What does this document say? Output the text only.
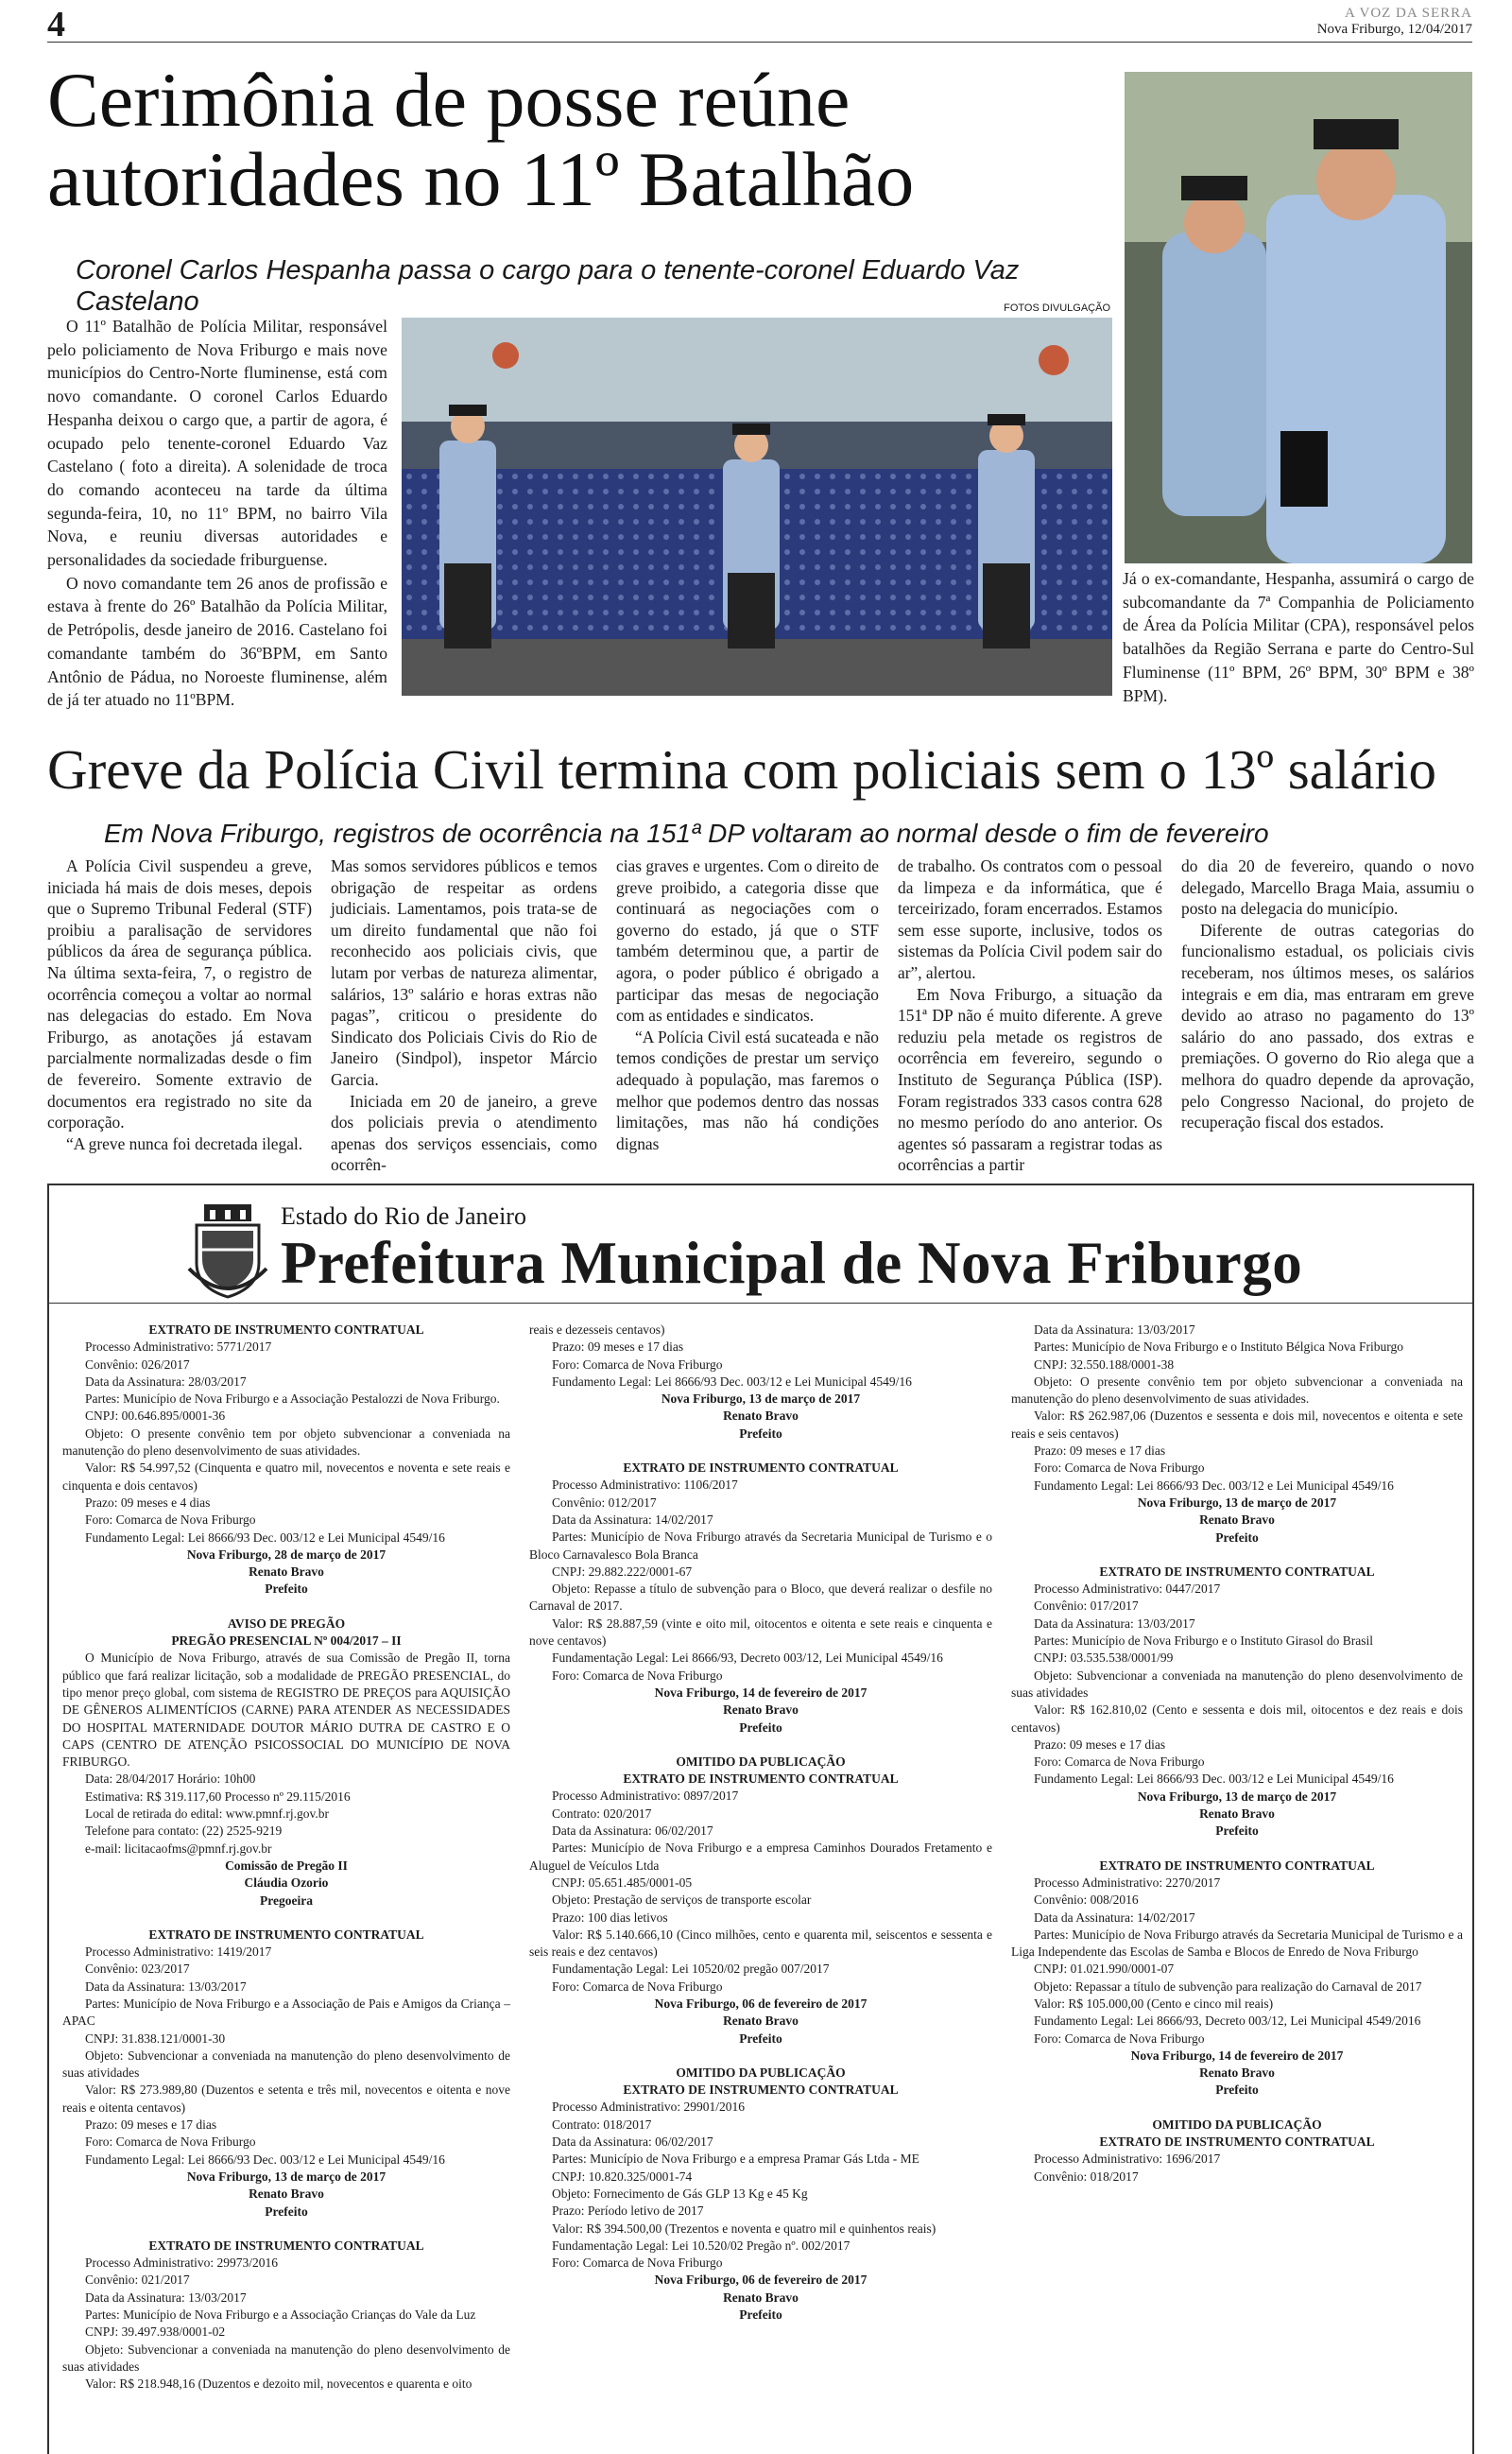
4	A VOZ DA SERRA
Nova Friburgo, 12/04/2017
Cerimônia de posse reúne autoridades no 11º Batalhão
Coronel Carlos Hespanha passa o cargo para o tenente-coronel Eduardo Vaz Castelano

O 11º Batalhão de Polícia Militar, responsável pelo policiamento de Nova Friburgo e mais nove municípios do Centro-Norte fluminense, está com novo comandante. O coronel Carlos Eduardo Hespanha deixou o cargo que, a partir de agora, é ocupado pelo tenente-coronel Eduardo Vaz Castelano ( foto a direita). A solenidade de troca do comando aconteceu na tarde da última segunda-feira, 10, no 11º BPM, no bairro Vila Nova, e reuniu diversas autoridades e personalidades da sociedade friburguense.

O novo comandante tem 26 anos de profissão e estava à frente do 26º Batalhão da Polícia Militar, de Petrópolis, desde janeiro de 2016. Castelano foi comandante também do 36ºBPM, em Santo Antônio de Pádua, no Noroeste fluminense, além de já ter atuado no 11ºBPM.

FOTOS DIVULGAÇÃO
Já o ex-comandante, Hespanha, assumirá o cargo de subcomandante da 7ª Companhia de Policiamento de Área da Polícia Militar (CPA), responsável pelos batalhões da Região Serrana e parte do Centro-Sul Fluminense (11º BPM, 26º BPM, 30º BPM e 38º BPM).
Greve da Polícia Civil termina com policiais sem o 13º salário
Em Nova Friburgo, registros de ocorrência na 151ª DP voltaram ao normal desde o fim de fevereiro

A Polícia Civil suspendeu a greve, iniciada há mais de dois meses, depois que o Supremo Tribunal Federal (STF) proibiu a paralisação de servidores públicos da área de segurança pública. Na última sexta-feira, 7, o registro de ocorrência começou a voltar ao normal nas delegacias do estado. Em Nova Friburgo, as anotações já estavam parcialmente normalizadas desde o fim de fevereiro. Somente extravio de documentos era registrado no site da corporação.

“A greve nunca foi decretada ilegal.

Mas somos servidores públicos e temos obrigação de respeitar as ordens judiciais. Lamentamos, pois trata-se de um direito fundamental que não foi reconhecido aos policiais civis, que lutam por verbas de natureza alimentar, salários, 13º salário e horas extras não pagas”, criticou o presidente do Sindicato dos Policiais Civis do Rio de Janeiro (Sindpol), inspetor Márcio Garcia.

Iniciada em 20 de janeiro, a greve dos policiais previa o atendimento apenas dos serviços essenciais, como ocorrên-

cias graves e urgentes. Com o direito de greve proibido, a categoria disse que continuará as negociações com o governo do estado, já que o STF também determinou que, a partir de agora, o poder público é obrigado a participar das mesas de negociação com as entidades e sindicatos.

“A Polícia Civil está sucateada e não temos condições de prestar um serviço adequado à população, mas faremos o melhor que podemos dentro das nossas limitações, mas não há condições dignas

de trabalho. Os contratos com o pessoal da limpeza e da informática, que é terceirizado, foram encerrados. Estamos sem esse suporte, inclusive, todos os sistemas da Polícia Civil podem sair do ar”, alertou.

Em Nova Friburgo, a situação da 151ª DP não é muito diferente. A greve reduziu pela metade os registros de ocorrência em fevereiro, segundo o Instituto de Segurança Pública (ISP). Foram registrados 333 casos contra 628 no mesmo período do ano anterior. Os agentes só passaram a registrar todas as ocorrências a partir

do dia 20 de fevereiro, quando o novo delegado, Marcello Braga Maia, assumiu o posto na delegacia do município.

Diferente de outras categorias do funcionalismo estadual, os policiais civis receberam, nos últimos meses, os salários integrais e em dia, mas entraram em greve devido ao atraso no pagamento do 13º salário do ano passado, dos extras e premiações. O governo do Rio alega que a melhora do quadro depende da aprovação, pelo Congresso Nacional, do projeto de recuperação fiscal dos estados.

Estado do Rio de Janeiro
Prefeitura Municipal de Nova Friburgo
EXTRATO DE INSTRUMENTO CONTRATUAL
Processo Administrativo: 5771/2017
Convênio: 026/2017
Data da Assinatura: 28/03/2017
Partes: Município de Nova Friburgo e a Associação Pestalozzi de Nova Friburgo.
CNPJ: 00.646.895/0001-36
Objeto: O presente convênio tem por objeto subvencionar a conveniada na manutenção do pleno desenvolvimento de suas atividades.
Valor: R$ 54.997,52 (Cinquenta e quatro mil, novecentos e noventa e sete reais e cinquenta e dois centavos)
Prazo: 09 meses e 4 dias
Foro: Comarca de Nova Friburgo
Fundamento Legal: Lei 8666/93 Dec. 003/12 e Lei Municipal 4549/16
Nova Friburgo, 28 de março de 2017
Renato Bravo
Prefeito
AVISO DE PREGÃO
PREGÃO PRESENCIAL Nº 004/2017 – II
O Município de Nova Friburgo, através de sua Comissão de Pregão II, torna público que fará realizar licitação, sob a modalidade de PREGÃO PRESENCIAL, do tipo menor preço global, com sistema de REGISTRO DE PREÇOS para AQUISIÇÃO DE GÊNEROS ALIMENTÍCIOS (CARNE) PARA ATENDER AS NECESSIDADES DO HOSPITAL MATERNIDADE DOUTOR MÁRIO DUTRA DE CASTRO E O CAPS (CENTRO DE ATENÇÃO PSICOSSOCIAL DO MUNICÍPIO DE NOVA FRIBURGO.
Data: 28/04/2017 Horário: 10h00
Estimativa: R$ 319.117,60 Processo nº 29.115/2016
Local de retirada do edital: www.pmnf.rj.gov.br
Telefone para contato: (22) 2525-9219
e-mail: licitacaofms@pmnf.rj.gov.br
Comissão de Pregão II
Cláudia Ozorio
Pregoeira
EXTRATO DE INSTRUMENTO CONTRATUAL
Processo Administrativo: 1419/2017
Convênio: 023/2017
Data da Assinatura: 13/03/2017
Partes: Município de Nova Friburgo e a Associação de Pais e Amigos da Criança – APAC
CNPJ: 31.838.121/0001-30
Objeto: Subvencionar a conveniada na manutenção do pleno desenvolvimento de suas atividades
Valor: R$ 273.989,80 (Duzentos e setenta e três mil, novecentos e oitenta e nove reais e oitenta centavos)
Prazo: 09 meses e 17 dias
Foro: Comarca de Nova Friburgo
Fundamento Legal: Lei 8666/93 Dec. 003/12 e Lei Municipal 4549/16
Nova Friburgo, 13 de março de 2017
Renato Bravo
Prefeito
EXTRATO DE INSTRUMENTO CONTRATUAL
Processo Administrativo: 29973/2016
Convênio: 021/2017
Data da Assinatura: 13/03/2017
Partes: Município de Nova Friburgo e a Associação Crianças do Vale da Luz
CNPJ: 39.497.938/0001-02
Objeto: Subvencionar a conveniada na manutenção do pleno desenvolvimento de suas atividades
Valor: R$ 218.948,16 (Duzentos e dezoito mil, novecentos e quarenta e oito
reais e dezesseis centavos)
Prazo: 09 meses e 17 dias
Foro: Comarca de Nova Friburgo
Fundamento Legal: Lei 8666/93 Dec. 003/12 e Lei Municipal 4549/16
Nova Friburgo, 13 de março de 2017
Renato Bravo
Prefeito
EXTRATO DE INSTRUMENTO CONTRATUAL
Processo Administrativo: 1106/2017
Convênio: 012/2017
Data da Assinatura: 14/02/2017
Partes: Município de Nova Friburgo através da Secretaria Municipal de Turismo e o Bloco Carnavalesco Bola Branca
CNPJ: 29.882.222/0001-67
Objeto: Repasse a título de subvenção para o Bloco, que deverá realizar o desfile no Carnaval de 2017.
Valor: R$ 28.887,59 (vinte e oito mil, oitocentos e oitenta e sete reais e cinquenta e nove centavos)
Fundamentação Legal: Lei 8666/93, Decreto 003/12, Lei Municipal 4549/16
Foro: Comarca de Nova Friburgo
Nova Friburgo, 14 de fevereiro de 2017
Renato Bravo
Prefeito
OMITIDO DA PUBLICAÇÃO
EXTRATO DE INSTRUMENTO CONTRATUAL
Processo Administrativo: 0897/2017
Contrato: 020/2017
Data da Assinatura: 06/02/2017
Partes: Município de Nova Friburgo e a empresa Caminhos Dourados Fretamento e Aluguel de Veículos Ltda
CNPJ: 05.651.485/0001-05
Objeto: Prestação de serviços de transporte escolar
Prazo: 100 dias letivos
Valor: R$ 5.140.666,10 (Cinco milhões, cento e quarenta mil, seiscentos e sessenta e seis reais e dez centavos)
Fundamentação Legal: Lei 10520/02 pregão 007/2017
Foro: Comarca de Nova Friburgo
Nova Friburgo, 06 de fevereiro de 2017
Renato Bravo
Prefeito
OMITIDO DA PUBLICAÇÃO
EXTRATO DE INSTRUMENTO CONTRATUAL
Processo Administrativo: 29901/2016
Contrato: 018/2017
Data da Assinatura: 06/02/2017
Partes: Município de Nova Friburgo e a empresa Pramar Gás Ltda - ME
CNPJ: 10.820.325/0001-74
Objeto: Fornecimento de Gás GLP 13 Kg e 45 Kg
Prazo: Período letivo de 2017
Valor: R$ 394.500,00 (Trezentos e noventa e quatro mil e quinhentos reais)
Fundamentação Legal: Lei 10.520/02 Pregão nº. 002/2017
Foro: Comarca de Nova Friburgo
Nova Friburgo, 06 de fevereiro de 2017
Renato Bravo
Prefeito
Data da Assinatura: 13/03/2017
Partes: Município de Nova Friburgo e o Instituto Bélgica Nova Friburgo
CNPJ: 32.550.188/0001-38
Objeto: O presente convênio tem por objeto subvencionar a conveniada na manutenção do pleno desenvolvimento de suas atividades.
Valor: R$ 262.987,06 (Duzentos e sessenta e dois mil, novecentos e oitenta e sete reais e seis centavos)
Prazo: 09 meses e 17 dias
Foro: Comarca de Nova Friburgo
Fundamento Legal: Lei 8666/93 Dec. 003/12 e Lei Municipal 4549/16
Nova Friburgo, 13 de março de 2017
Renato Bravo
Prefeito
EXTRATO DE INSTRUMENTO CONTRATUAL
Processo Administrativo: 0447/2017
Convênio: 017/2017
Data da Assinatura: 13/03/2017
Partes: Município de Nova Friburgo e o Instituto Girasol do Brasil
CNPJ: 03.535.538/0001/99
Objeto: Subvencionar a conveniada na manutenção do pleno desenvolvimento de suas atividades
Valor: R$ 162.810,02 (Cento e sessenta e dois mil, oitocentos e dez reais e dois centavos)
Prazo: 09 meses e 17 dias
Foro: Comarca de Nova Friburgo
Fundamento Legal: Lei 8666/93 Dec. 003/12 e Lei Municipal 4549/16
Nova Friburgo, 13 de março de 2017
Renato Bravo
Prefeito
EXTRATO DE INSTRUMENTO CONTRATUAL
Processo Administrativo: 2270/2017
Convênio: 008/2016
Data da Assinatura: 14/02/2017
Partes: Município de Nova Friburgo através da Secretaria Municipal de Turismo e a Liga Independente das Escolas de Samba e Blocos de Enredo de Nova Friburgo
CNPJ: 01.021.990/0001-07
Objeto: Repassar a título de subvenção para realização do Carnaval de 2017
Valor: R$ 105.000,00 (Cento e cinco mil reais)
Fundamento Legal: Lei 8666/93, Decreto 003/12, Lei Municipal 4549/2016
Foro: Comarca de Nova Friburgo
Nova Friburgo, 14 de fevereiro de 2017
Renato Bravo
Prefeito
OMITIDO DA PUBLICAÇÃO
EXTRATO DE INSTRUMENTO CONTRATUAL
Processo Administrativo: 1696/2017
Convênio: 018/2017
